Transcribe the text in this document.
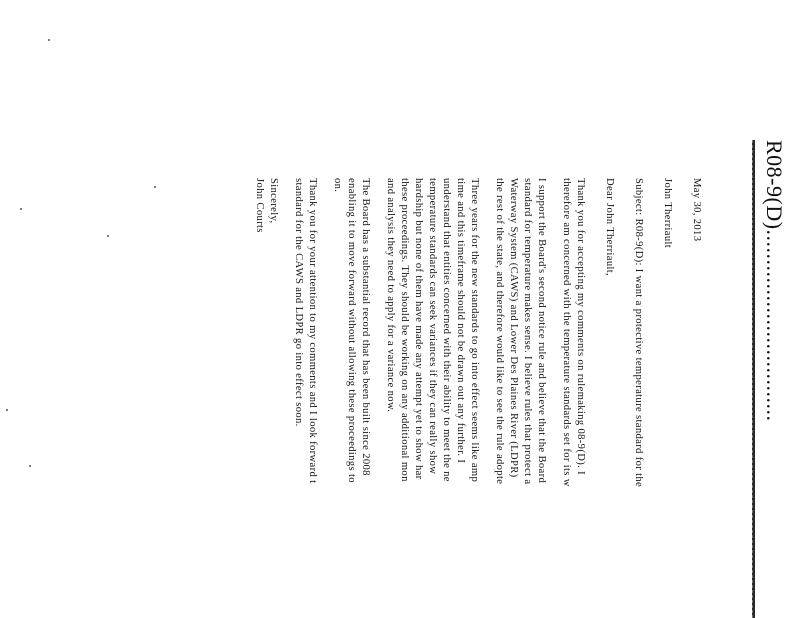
R08-9(D)................................
May 30, 2013
John Therriault
Subject: R08-9(D): I want a protective temperature standard for the
Dear John Therriault,
Thank you for accepting my comments on rulemaking 08-9(D). I
therefore am concerned with the temperature standards set for its w
I support the Board's second notice rule and believe that the Board
standard for temperature makes sense. I believe rules that protect a
Waterway System (CAWS) and Lower Des Plaines River (LDPR)
the rest of the state, and therefore would like to see the rule adopte
Three years for the new standards to go into effect seems like amp
time and this timeframe should not be drawn out any further. I
understand that entities concerned with their ability to meet the ne
temperature standards can seek variances if they can really show
hardship but none of them have made any attempt yet to show har
these proceedings. They should be working on any additional mon
and analysis they need to apply for a variance now.
The Board has a substantial record that has been built since 2008
enabling it to move forward without allowing these proceedings to
on.
Thank you for your attention to my comments and I look forward t
standard for the CAWS and LDPR go into effect soon.
Sincerely,
John Courts
